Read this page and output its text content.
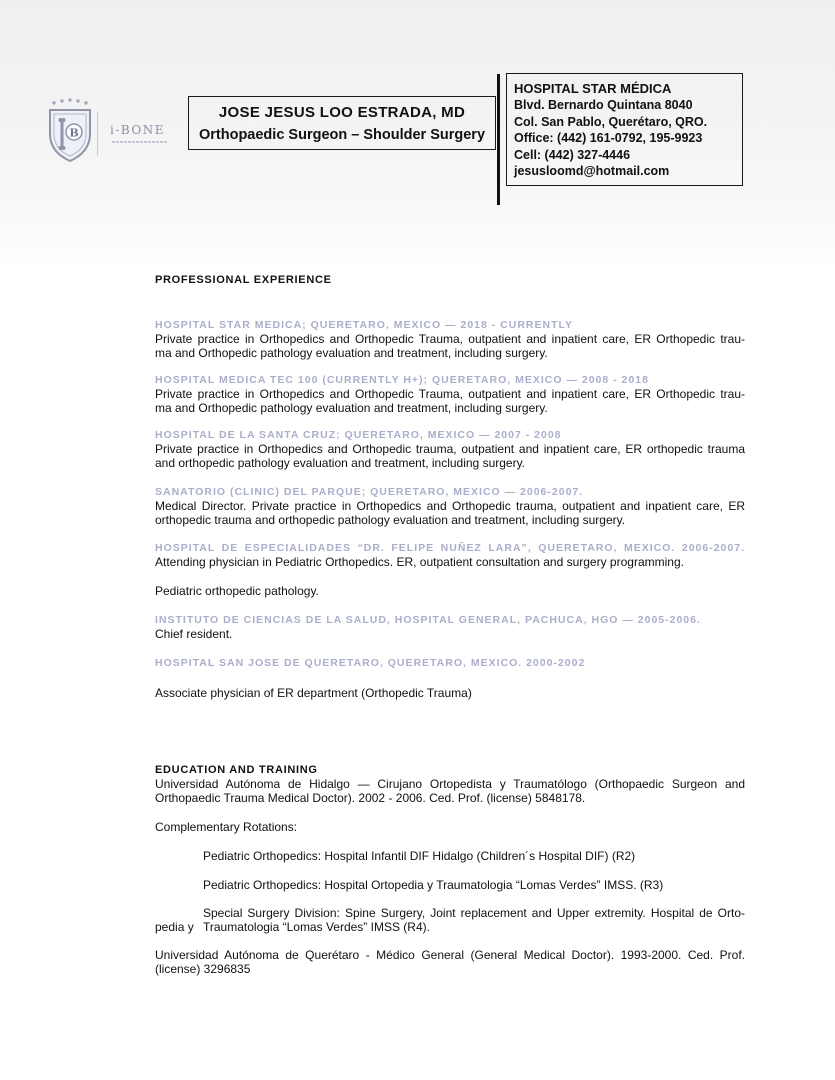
B	i-BONE
JOSE JESUS LOO ESTRADA, MD
Orthopaedic Surgeon – Shoulder Surgery
HOSPITAL STAR MÉDICA
Blvd. Bernardo Quintana 8040
Col. San Pablo, Querétaro, QRO.
Office: (442) 161-0792, 195-9923
Cell: (442) 327-4446
jesusloomd@hotmail.com
PROFESSIONAL EXPERIENCE
HOSPITAL STAR MEDICA; QUERETARO, MEXICO — 2018 - CURRENTLY
Private practice in Orthopedics and Orthopedic Trauma, outpatient and inpatient care, ER Orthopedic trau-
ma and Orthopedic pathology evaluation and treatment, including surgery.
HOSPITAL MEDICA TEC 100 (CURRENTLY H+); QUERETARO, MEXICO — 2008 - 2018
Private practice in Orthopedics and Orthopedic Trauma, outpatient and inpatient care, ER Orthopedic trau-
ma and Orthopedic pathology evaluation and treatment, including surgery.
HOSPITAL DE LA SANTA CRUZ; QUERETARO, MEXICO — 2007 - 2008
Private practice in Orthopedics and Orthopedic trauma, outpatient and inpatient care, ER orthopedic trauma
and orthopedic pathology evaluation and treatment, including surgery.
SANATORIO (CLINIC) DEL PARQUE; QUERETARO, MEXICO — 2006-2007.
Medical Director. Private practice in Orthopedics and Orthopedic trauma, outpatient and inpatient care, ER
orthopedic trauma and orthopedic pathology evaluation and treatment, including surgery.
HOSPITAL DE ESPECIALIDADES “DR. FELIPE NUÑEZ LARA”, QUERETARO, MEXICO. 2006-2007.
Attending physician in Pediatric Orthopedics. ER, outpatient consultation and surgery programming.
Pediatric orthopedic pathology.
INSTITUTO DE CIENCIAS DE LA SALUD, HOSPITAL GENERAL, PACHUCA, HGO — 2005-2006.
Chief resident.
HOSPITAL SAN JOSE DE QUERETARO, QUERETARO, MEXICO. 2000-2002
Associate physician of ER department (Orthopedic Trauma)
EDUCATION AND TRAINING
Universidad Autónoma de Hidalgo — Cirujano Ortopedista y Traumatólogo (Orthopaedic Surgeon and
Orthopaedic Trauma Medical Doctor). 2002 - 2006. Ced. Prof. (license) 5848178.
Complementary Rotations:
Pediatric Orthopedics: Hospital Infantil DIF Hidalgo (Children´s Hospital DIF) (R2)
Pediatric Orthopedics: Hospital Ortopedia y Traumatologia “Lomas Verdes” IMSS. (R3)
Special Surgery Division: Spine Surgery, Joint replacement and Upper extremity. Hospital de Orto-
pedia y Traumatologia “Lomas Verdes” IMSS (R4).
Universidad Autónoma de Querétaro - Médico General (General Medical Doctor). 1993-2000. Ced. Prof.
(license) 3296835
